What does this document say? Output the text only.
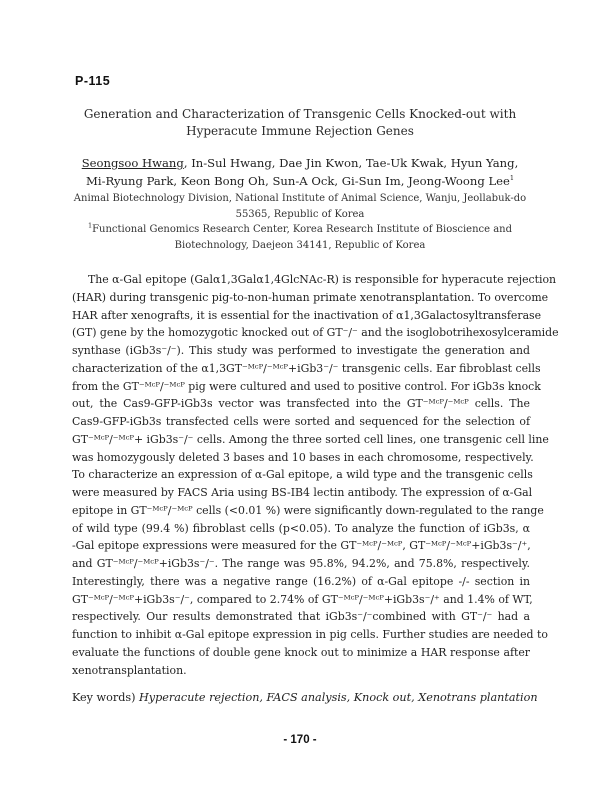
P-115
Generation and Characterization of Transgenic Cells Knocked-out with
Hyperacute Immune Rejection Genes
Seongsoo Hwang, In-Sul Hwang, Dae Jin Kwon, Tae-Uk Kwak, Hyun Yang,
Mi-Ryung Park, Keon Bong Oh, Sun-A Ock, Gi-Sun Im, Jeong-Woong Lee$^1$
Animal Biotechnology Division, National Institute of Animal Science, Wanju, Jeollabuk-do
55365, Republic of Korea
$^1$Functional Genomics Research Center, Korea Research Institute of Bioscience and
Biotechnology, Daejeon 34141, Republic of Korea
The α-Gal epitope (Galα1,3Galα1,4GlcNAc-R) is responsible for hyperacute rejection
(HAR) during transgenic pig-to-non-human primate xenotransplantation. To overcome
HAR after xenografts, it is essential for the inactivation of α1,3Galactosyltransferase
(GT) gene by the homozygotic knocked out of GT⁻/⁻ and the isoglobotrihexosylceramide
synthase (iGb3s⁻/⁻). This study was performed to investigate the generation and
characterization of the α1,3GT⁻ᴹᶜᴾ/⁻ᴹᶜᴾ+iGb3⁻/⁻ transgenic cells. Ear fibroblast cells
from the GT⁻ᴹᶜᴾ/⁻ᴹᶜᴾ pig were cultured and used to positive control. For iGb3s knock
out, the Cas9-GFP-iGb3s vector was transfected into the GT⁻ᴹᶜᴾ/⁻ᴹᶜᴾ cells. The
Cas9-GFP-iGb3s transfected cells were sorted and sequenced for the selection of
GT⁻ᴹᶜᴾ/⁻ᴹᶜᴾ+ iGb3s⁻/⁻ cells. Among the three sorted cell lines, one transgenic cell line
was homozygously deleted 3 bases and 10 bases in each chromosome, respectively.
To characterize an expression of α-Gal epitope, a wild type and the transgenic cells
were measured by FACS Aria using BS-IB4 lectin antibody. The expression of α-Gal
epitope in GT⁻ᴹᶜᴾ/⁻ᴹᶜᴾ cells (<0.01 %) were significantly down-regulated to the range
of wild type (99.4 %) fibroblast cells (p<0.05). To analyze the function of iGb3s, α
-Gal epitope expressions were measured for the GT⁻ᴹᶜᴾ/⁻ᴹᶜᴾ, GT⁻ᴹᶜᴾ/⁻ᴹᶜᴾ+iGb3s⁻/⁺,
and GT⁻ᴹᶜᴾ/⁻ᴹᶜᴾ+iGb3s⁻/⁻. The range was 95.8%, 94.2%, and 75.8%, respectively.
Interestingly, there was a negative range (16.2%) of α-Gal epitope -/- section in
GT⁻ᴹᶜᴾ/⁻ᴹᶜᴾ+iGb3s⁻/⁻, compared to 2.74% of GT⁻ᴹᶜᴾ/⁻ᴹᶜᴾ+iGb3s⁻/⁺ and 1.4% of WT,
respectively. Our results demonstrated that iGb3s⁻/⁻combined with GT⁻/⁻ had a
function to inhibit α-Gal epitope expression in pig cells. Further studies are needed to
evaluate the functions of double gene knock out to minimize a HAR response after
xenotransplantation.
Key words) Hyperacute rejection, FACS analysis, Knock out, Xenotrans plantation
- 170 -
